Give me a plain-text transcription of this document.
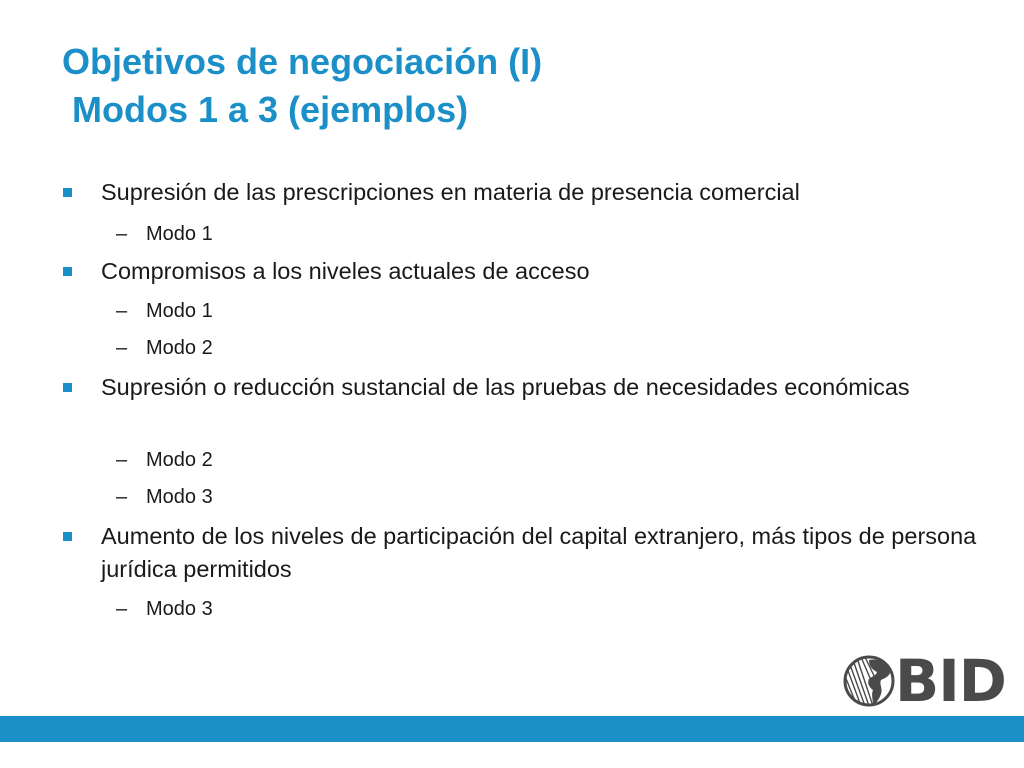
Objetivos de negociación (I)
Modos 1 a 3 (ejemplos)
Supresión de las prescripciones en materia de presencia comercial
– Modo 1
Compromisos a los niveles actuales de acceso
– Modo 1
– Modo 2
Supresión o reducción sustancial de las pruebas de necesidades económicas
– Modo 2
– Modo 3
Aumento de los niveles de participación del capital extranjero, más tipos de persona jurídica permitidos
– Modo 3
BID
